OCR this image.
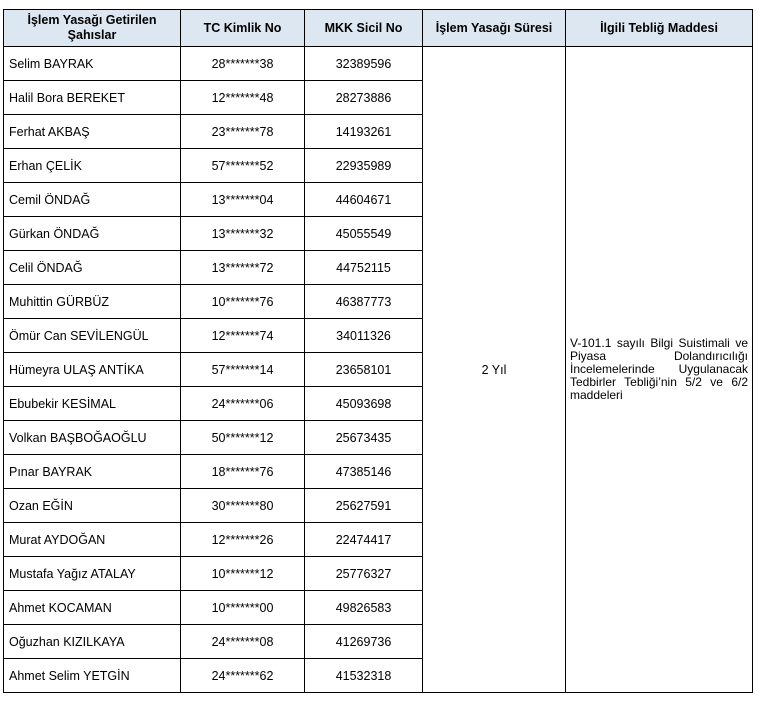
İşlem Yasağı Getirilen Şahıslar	TC Kimlik No	MKK Sicil No	İşlem Yasağı Süresi	İlgili Tebliğ Maddesi
Selim BAYRAK	28*******38	32389596	2 Yıl	V-101.1 sayılı Bilgi Suistimali ve Piyasa Dolandırıcılığı İncelemelerinde Uygulanacak Tedbirler Tebliği’nin 5/2 ve 6/2 maddeleri

Halil Bora BEREKET	12*******48	28273886		
Ferhat AKBAŞ	23*******78	14193261		
Erhan ÇELİK	57*******52	22935989		
Cemil ÖNDAĞ	13*******04	44604671		
Gürkan ÖNDAĞ	13*******32	45055549		
Celil ÖNDAĞ	13*******72	44752115		
Muhittin GÜRBÜZ	10*******76	46387773		
Ömür Can SEVİLENGÜL	12*******74	34011326		
Hümeyra ULAŞ ANTİKA	57*******14	23658101		
Ebubekir KESİMAL	24*******06	45093698		
Volkan BAŞBOĞAOĞLU	50*******12	25673435		
Pınar BAYRAK	18*******76	47385146		
Ozan EĞİN	30*******80	25627591		
Murat AYDOĞAN	12*******26	22474417		
Mustafa Yağız ATALAY	10*******12	25776327		
Ahmet KOCAMAN	10*******00	49826583		
Oğuzhan KIZILKAYA	24*******08	41269736		
Ahmet Selim YETGİN	24*******62	41532318		
